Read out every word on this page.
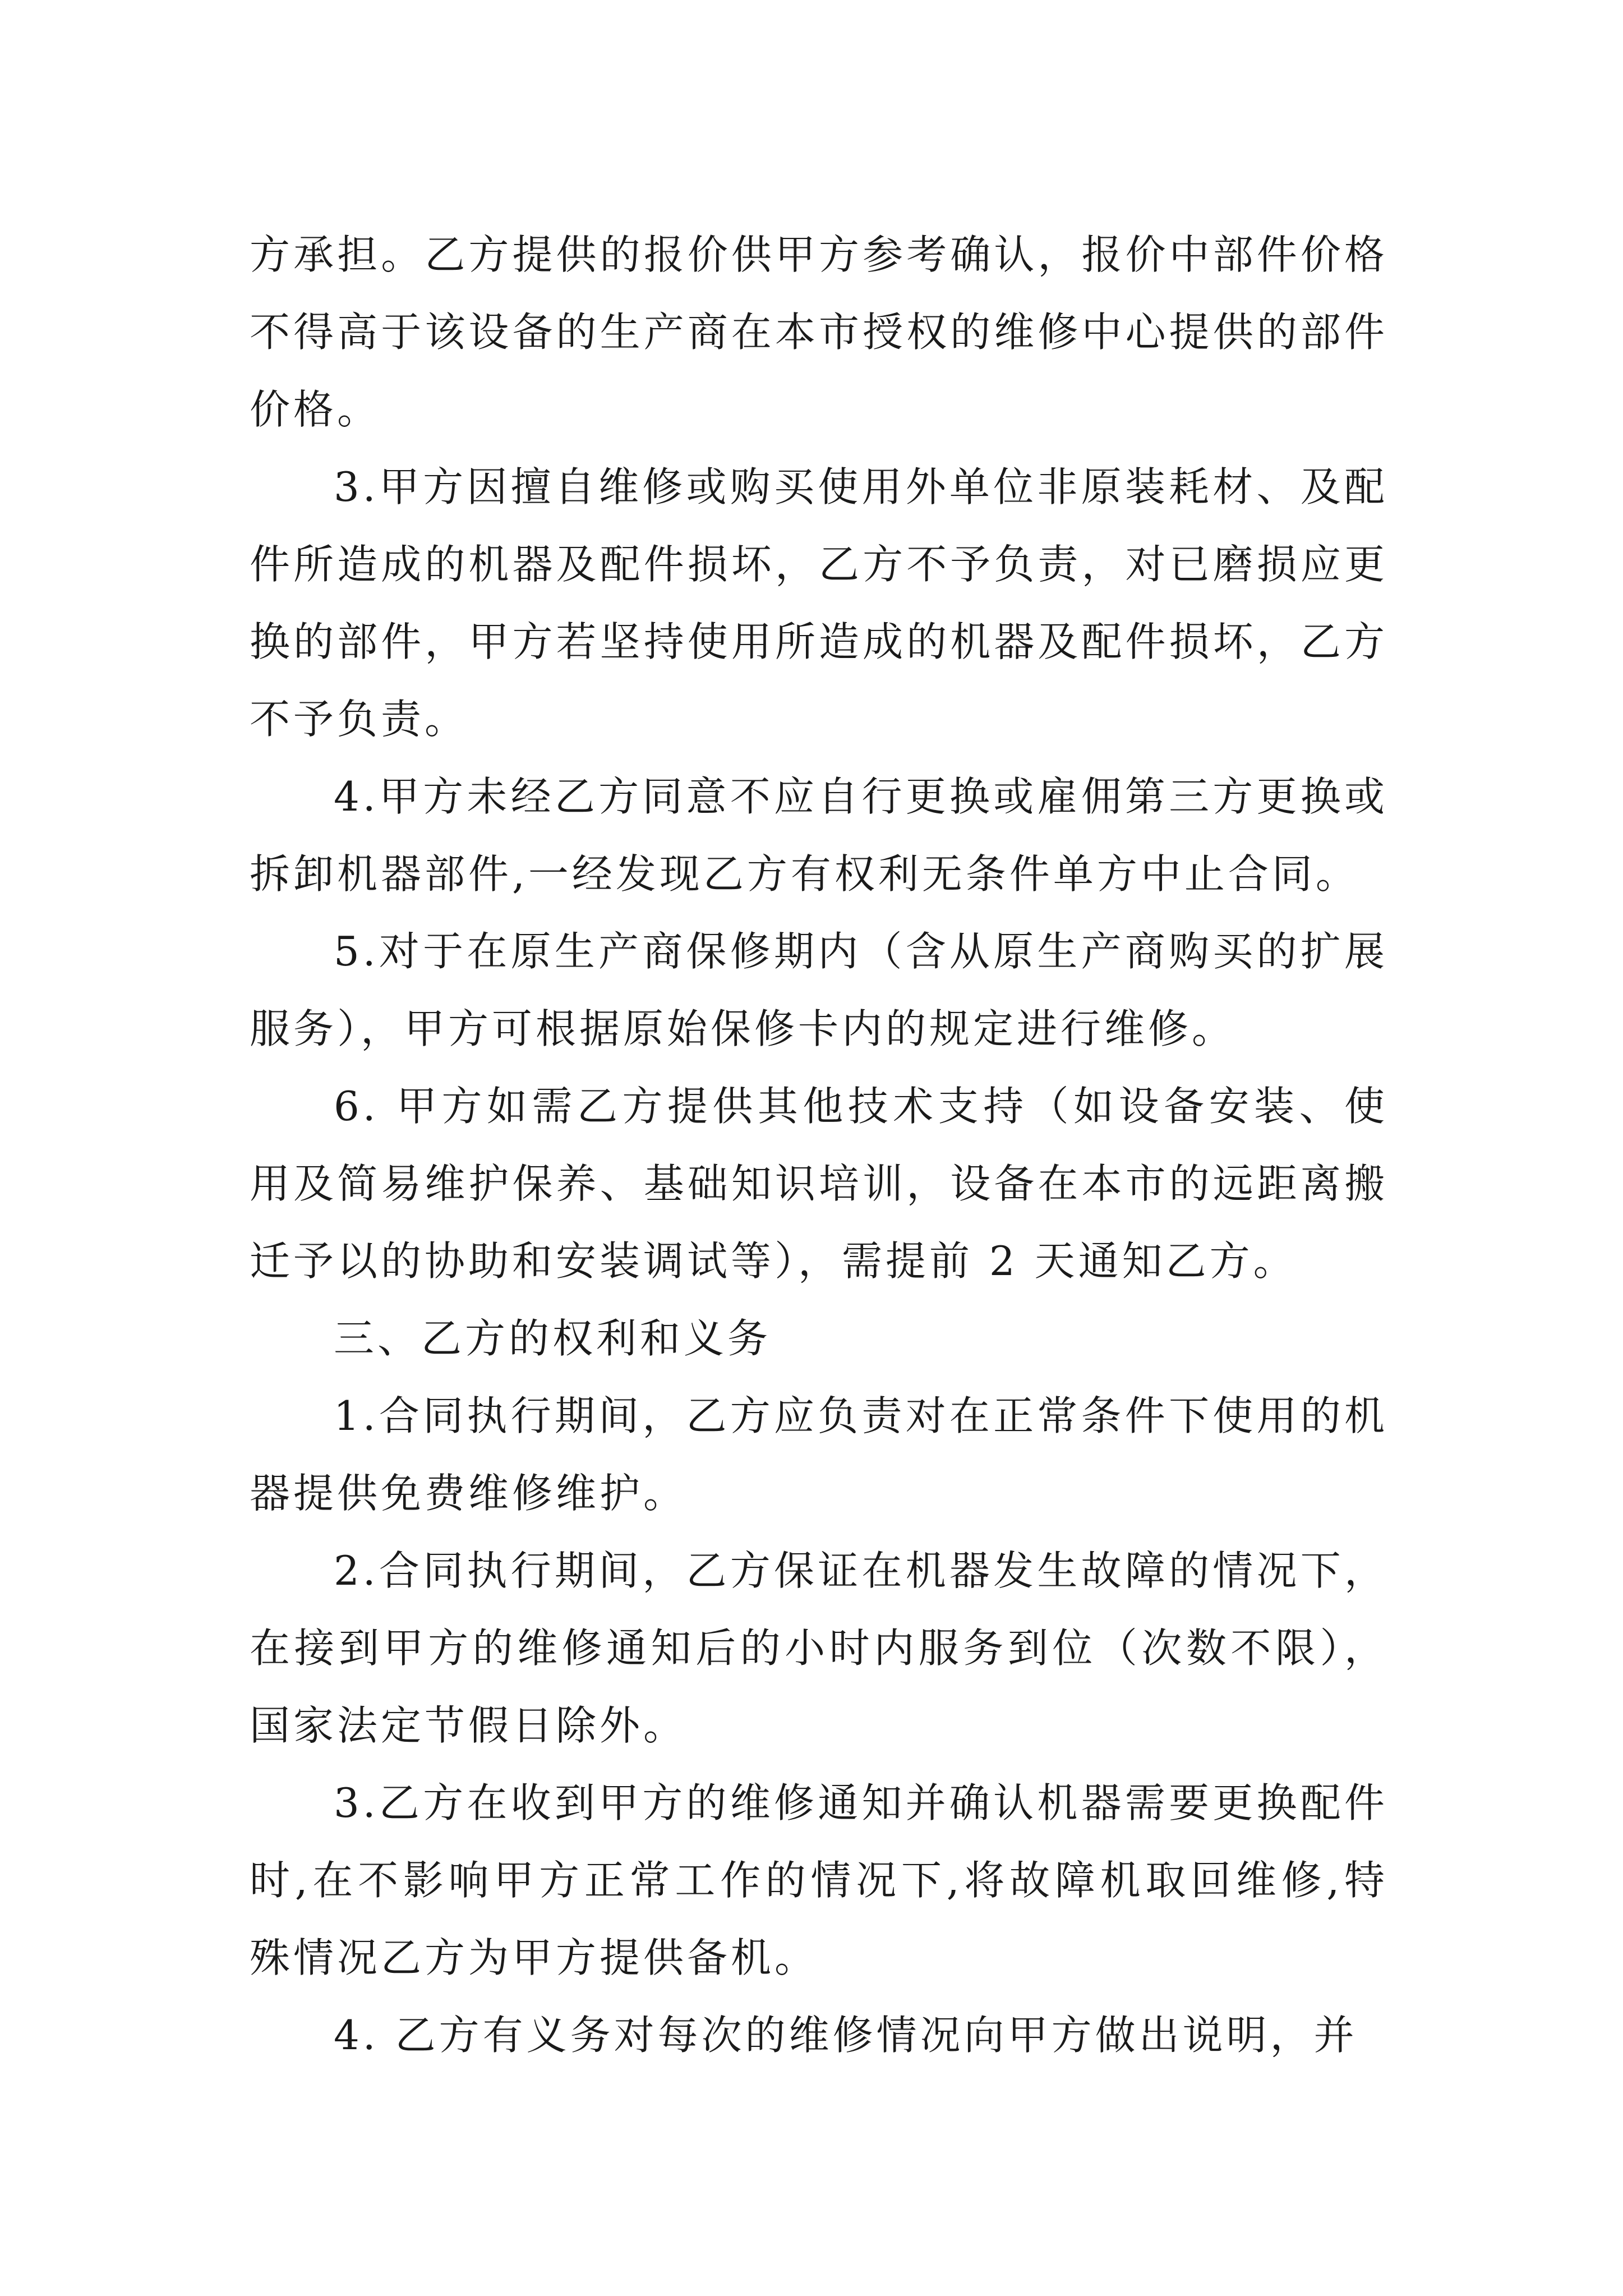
方承担。乙方提供的报价供甲方参考确认，报价中部件价格不得高于该设备的生产商在本市授权的维修中心提供的部件价格。

3.甲方因擅自维修或购买使用外单位非原装耗材、及配件所造成的机器及配件损坏，乙方不予负责，对已磨损应更换的部件，甲方若坚持使用所造成的机器及配件损坏，乙方不予负责。

4.甲方未经乙方同意不应自行更换或雇佣第三方更换或拆卸机器部件,一经发现乙方有权利无条件单方中止合同。

5.对于在原生产商保修期内（含从原生产商购买的扩展服务），甲方可根据原始保修卡内的规定进行维修。

6. 甲方如需乙方提供其他技术支持（如设备安装、使用及简易维护保养、基础知识培训，设备在本市的远距离搬迁予以的协助和安装调试等），需提前 2 天通知乙方。

三、乙方的权利和义务

1.合同执行期间，乙方应负责对在正常条件下使用的机器提供免费维修维护。

2.合同执行期间，乙方保证在机器发生故障的情况下，在接到甲方的维修通知后的小时内服务到位（次数不限），国家法定节假日除外。

3.乙方在收到甲方的维修通知并确认机器需要更换配件时,在不影响甲方正常工作的情况下,将故障机取回维修,特殊情况乙方为甲方提供备机。

4. 乙方有义务对每次的维修情况向甲方做出说明，并
